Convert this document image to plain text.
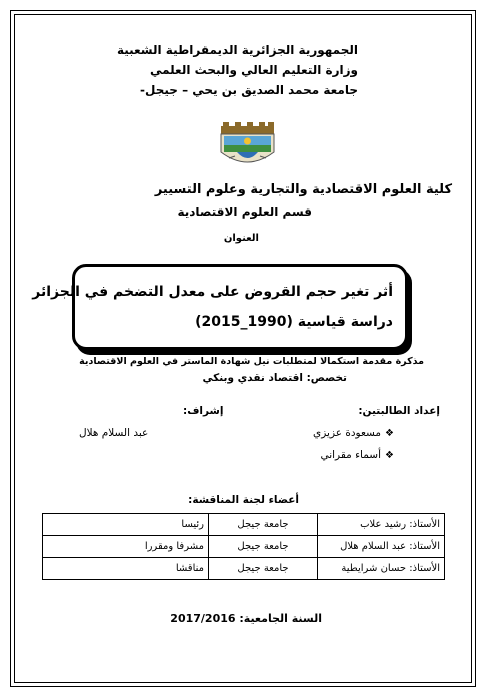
الجمهورية الجزائرية الديمقراطية الشعبية
وزارة التعليم العالي والبحث العلمي
جامعة محمد الصديق بن يحي – جيجل-
كلية العلوم الاقتصادية والتجارية وعلوم التسيير
قسم العلوم الاقتصادية
العنوان
أثر تغير حجم القروض على معدل التضخم في الجزائر
دراسة قياسية (1990_2015)
مذكرة مقدمة استكمالا لمتطلبات نيل شهادة الماستر في العلوم الاقتصادية
تخصص: اقتصاد نقدي وبنكي
إعداد الطالبتين:
إشراف:
❖مسعودة عزيزي
❖أسماء مقراني
عبد السلام هلال
أعضاء لجنة المناقشة:
الأستاذ: رشيد علاب	جامعة جيجل	رئيسا
الأستاذ: عبد السلام هلال	جامعة جيجل	مشرفا ومقررا
الأستاذ: حسان شرايطية	جامعة جيجل	مناقشا
السنة الجامعية: 2017/2016
